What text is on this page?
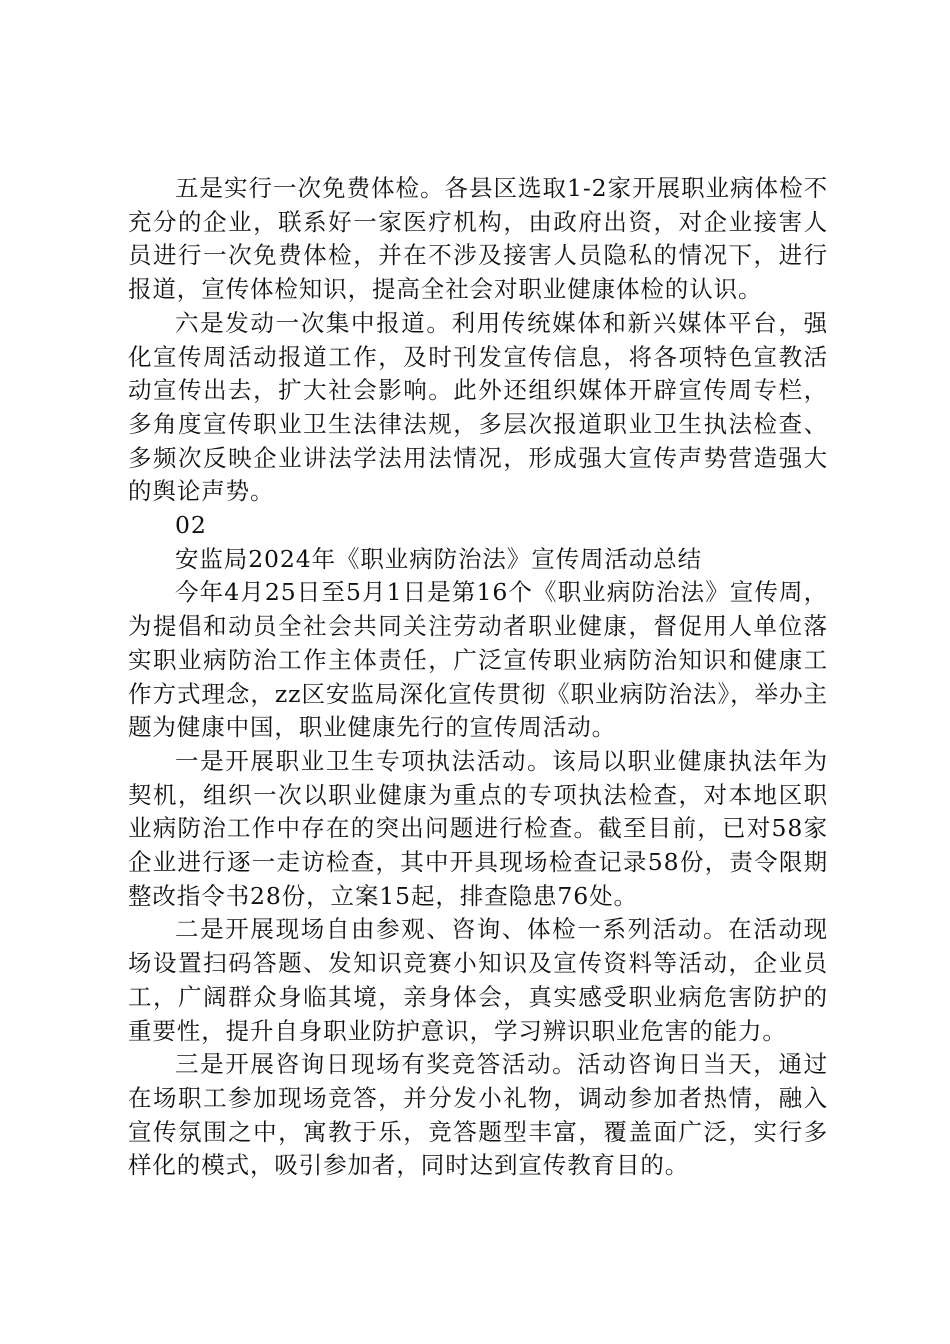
五是实行一次免费体检。各县区选取1-2家开展职业病体检不充分的企业，联系好一家医疗机构，由政府出资，对企业接害人员进行一次免费体检，并在不涉及接害人员隐私的情况下，进行报道，宣传体检知识，提高全社会对职业健康体检的认识。

六是发动一次集中报道。利用传统媒体和新兴媒体平台，强化宣传周活动报道工作，及时刊发宣传信息，将各项特色宣教活动宣传出去，扩大社会影响。此外还组织媒体开辟宣传周专栏，多角度宣传职业卫生法律法规，多层次报道职业卫生执法检查、多频次反映企业讲法学法用法情况，形成强大宣传声势营造强大的舆论声势。

02

安监局2024年《职业病防治法》宣传周活动总结

今年4月25日至5月1日是第16个《职业病防治法》宣传周，为提倡和动员全社会共同关注劳动者职业健康，督促用人单位落实职业病防治工作主体责任，广泛宣传职业病防治知识和健康工作方式理念，zz区安监局深化宣传贯彻《职业病防治法》，举办主题为健康中国，职业健康先行的宣传周活动。

一是开展职业卫生专项执法活动。该局以职业健康执法年为契机，组织一次以职业健康为重点的专项执法检查，对本地区职业病防治工作中存在的突出问题进行检查。截至目前，已对58家企业进行逐一走访检查，其中开具现场检查记录58份，责令限期整改指令书28份，立案15起，排查隐患76处。

二是开展现场自由参观、咨询、体检一系列活动。在活动现场设置扫码答题、发知识竞赛小知识及宣传资料等活动，企业员工，广阔群众身临其境，亲身体会，真实感受职业病危害防护的重要性，提升自身职业防护意识，学习辨识职业危害的能力。

三是开展咨询日现场有奖竞答活动。活动咨询日当天，通过在场职工参加现场竞答，并分发小礼物，调动参加者热情，融入宣传氛围之中，寓教于乐，竞答题型丰富，覆盖面广泛，实行多样化的模式，吸引参加者，同时达到宣传教育目的。
